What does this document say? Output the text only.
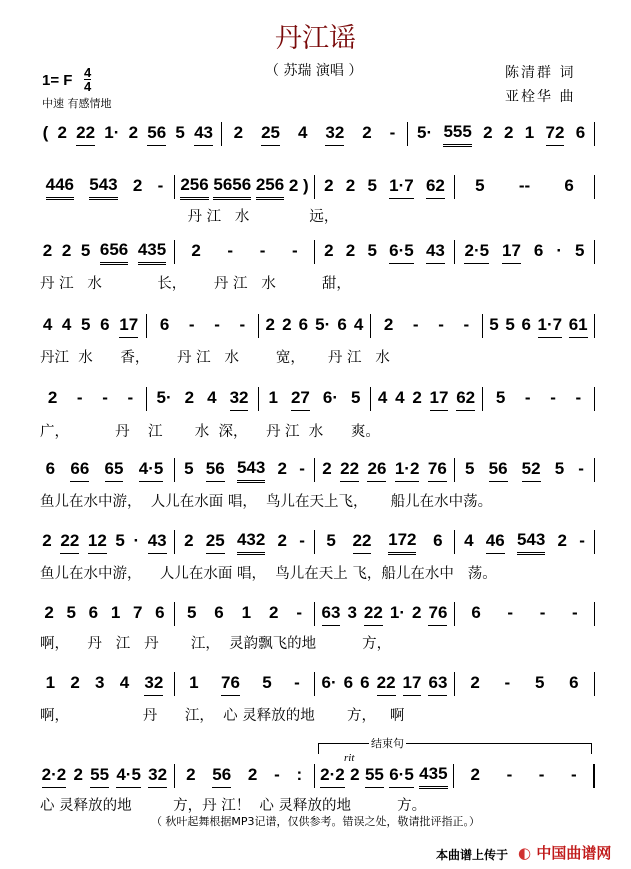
丹江谣
（ 苏瑞 演唱 ）	陈清群 词
亚栓华 曲
1= F 4
4
中速 有感情地
( 2 22 1· 2 56 5 43 2 25 4 32 2 - 5· 555 2 2 1 72 6
446 543 2 - 256 5656 256 2 ) 2 2 5 1·7 62 5 -- 6
丹 江   水             远，
2 2 5 656 435 2 - - - 2 2 5 6·5 43 2·5 17 6 · 5
丹 江   水            长，      丹 江   水          甜，
4 4 5 6 17 6 - - - 2 2 6 5· 6 4 2 - - - 5 5 6 1·7 61
丹江  水      香，      丹 江   水        宽，     丹 江   水
2 - - - 5· 2 4 32 1 27 6· 5 4 4 2 17 62 5 - - -
广，          丹    江       水  深，    丹 江  水      爽。
6 66 65 4·5 5 56 543 2 - 2 22 26 1·2 76 5 56 52 5 -
鱼儿在水中游，  人儿在水面 唱，  鸟儿在天上飞，     船儿在水中荡。
2 22 12 5 · 43 2 25 432 2 - 5 22 172 6 4 46 543 2 -
鱼儿在水中游，    人儿在水面 唱，  鸟儿在天上 飞，船儿在水中   荡。
2 5 6 1 7 6 5 6 1 2 - 63 3 22 1· 2 76 6 - - -
啊，    丹   江   丹       江，  灵韵飘飞的地          方，
1 2 3 4 32 1 76 5 - 6· 6 6 22 17 63 2 - 5 6
啊，                丹      江，  心 灵释放的地       方，   啊
2·2 2 55 4·5 32 2 56 2 - : 2·2 2 55 6·5 435 2 - - -
心 灵释放的地         方，丹 江！  心 灵释放的地          方。
结束句
rit
（ 秋叶起舞根据MP3记谱，仅供参考。错误之处，敬请批评指正。）
本曲谱上传于 ◐ 中国曲谱网
